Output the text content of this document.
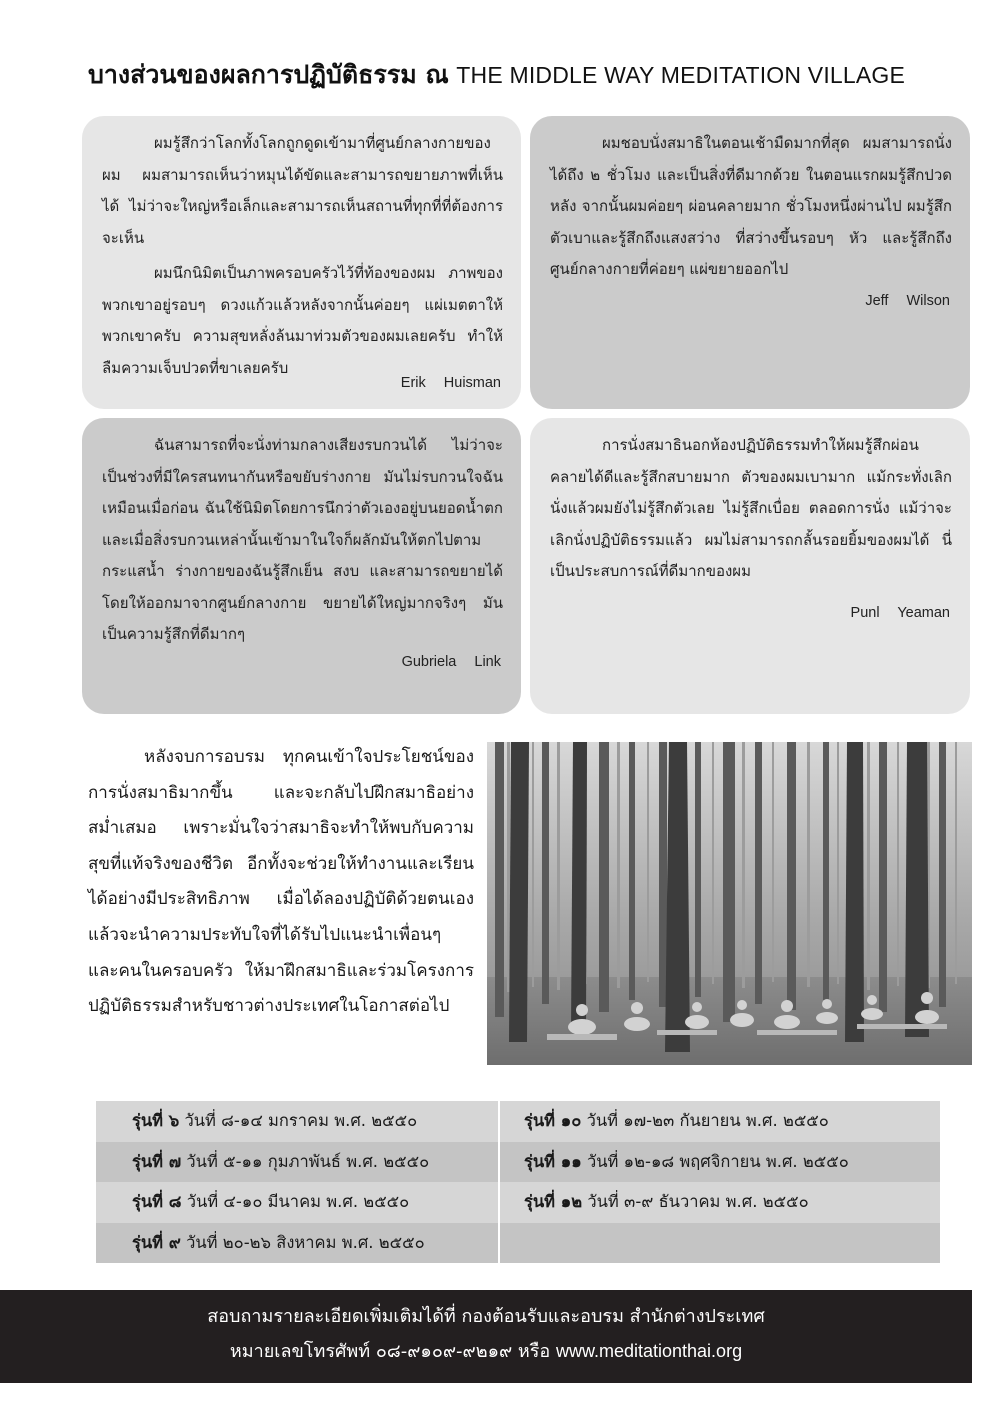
บางส่วนของผลการปฏิบัติธรรม ณ THE MIDDLE WAY MEDITATION VILLAGE

ผมรู้สึกว่าโลกทั้งโลกถูกดูดเข้ามาที่ศูนย์กลางกายของผม ผมสามารถเห็นว่าหมุนได้ขัดและสามารถขยายภาพที่เห็นได้ ไม่ว่าจะใหญ่หรือเล็กและสามารถเห็นสถานที่ทุกที่ที่ต้องการจะเห็น

ผมนึกนิมิตเป็นภาพครอบครัวไว้ที่ท้องของผม ภาพของพวกเขาอยู่รอบๆ ดวงแก้วแล้วหลังจากนั้นค่อยๆ แผ่เมตตาให้พวกเขาครับ ความสุขหลั่งล้นมาท่วมตัวของผมเลยครับ ทำให้ลืมความเจ็บปวดที่ขาเลยครับ

Erik Huisman

ผมชอบนั่งสมาธิในตอนเช้ามืดมากที่สุด ผมสามารถนั่งได้ถึง ๒ ชั่วโมง และเป็นสิ่งที่ดีมากด้วย ในตอนแรกผมรู้สึกปวดหลัง จากนั้นผมค่อยๆ ผ่อนคลายมาก ชั่วโมงหนึ่งผ่านไป ผมรู้สึกตัวเบาและรู้สึกถึงแสงสว่าง ที่สว่างขึ้นรอบๆ หัว และรู้สึกถึงศูนย์กลางกายที่ค่อยๆ แผ่ขยายออกไป

Jeff Wilson

ฉันสามารถที่จะนั่งท่ามกลางเสียงรบกวนได้ ไม่ว่าจะเป็นช่วงที่มีใครสนทนากันหรือขยับร่างกาย มันไม่รบกวนใจฉันเหมือนเมื่อก่อน ฉันใช้นิมิตโดยการนึกว่าตัวเองอยู่บนยอดน้ำตกและเมื่อสิ่งรบกวนเหล่านั้นเข้ามาในใจก็ผลักมันให้ตกไปตามกระแสน้ำ ร่างกายของฉันรู้สึกเย็น สงบ และสามารถขยายได้โดยให้ออกมาจากศูนย์กลางกาย ขยายได้ใหญ่มากจริงๆ มันเป็นความรู้สึกที่ดีมากๆ

Gubriela Link

การนั่งสมาธินอกห้องปฏิบัติธรรมทำให้ผมรู้สึกผ่อนคลายได้ดีและรู้สึกสบายมาก ตัวของผมเบามาก แม้กระทั่งเลิกนั่งแล้วผมยังไม่รู้สึกตัวเลย ไม่รู้สึกเบื่อย ตลอดการนั่ง แม้ว่าจะเลิกนั่งปฏิบัติธรรมแล้ว ผมไม่สามารถกลั้นรอยยิ้มของผมได้ นี่เป็นประสบการณ์ที่ดีมากของผม

Punl Yeaman

หลังจบการอบรม ทุกคนเข้าใจประโยชน์ของการนั่งสมาธิมากขึ้น และจะกลับไปฝึกสมาธิอย่างสม่ำเสมอ เพราะมั่นใจว่าสมาธิจะทำให้พบกับความสุขที่แท้จริงของชีวิต อีกทั้งจะช่วยให้ทำงานและเรียนได้อย่างมีประสิทธิภาพ เมื่อได้ลองปฏิบัติด้วยตนเองแล้วจะนำความประทับใจที่ได้รับไปแนะนำเพื่อนๆ และคนในครอบครัว ให้มาฝึกสมาธิและร่วมโครงการปฏิบัติธรรมสำหรับชาวต่างประเทศในโอกาสต่อไป

รุ่นที่ ๖ วันที่ ๘-๑๔ มกราคม พ.ศ. ๒๕๕๐	รุ่นที่ ๑๐ วันที่ ๑๗-๒๓ กันยายน พ.ศ. ๒๕๕๐
รุ่นที่ ๗ วันที่ ๕-๑๑ กุมภาพันธ์ พ.ศ. ๒๕๕๐	รุ่นที่ ๑๑ วันที่ ๑๒-๑๘ พฤศจิกายน พ.ศ. ๒๕๕๐
รุ่นที่ ๘ วันที่ ๔-๑๐ มีนาคม พ.ศ. ๒๕๕๐	รุ่นที่ ๑๒ วันที่ ๓-๙ ธันวาคม พ.ศ. ๒๕๕๐
รุ่นที่ ๙ วันที่ ๒๐-๒๖ สิงหาคม พ.ศ. ๒๕๕๐
สอบถามรายละเอียดเพิ่มเติมได้ที่ กองต้อนรับและอบรม สำนักต่างประเทศ
หมายเลขโทรศัพท์ ๐๘-๙๑๐๙-๙๒๑๙ หรือ www.meditationthai.org
